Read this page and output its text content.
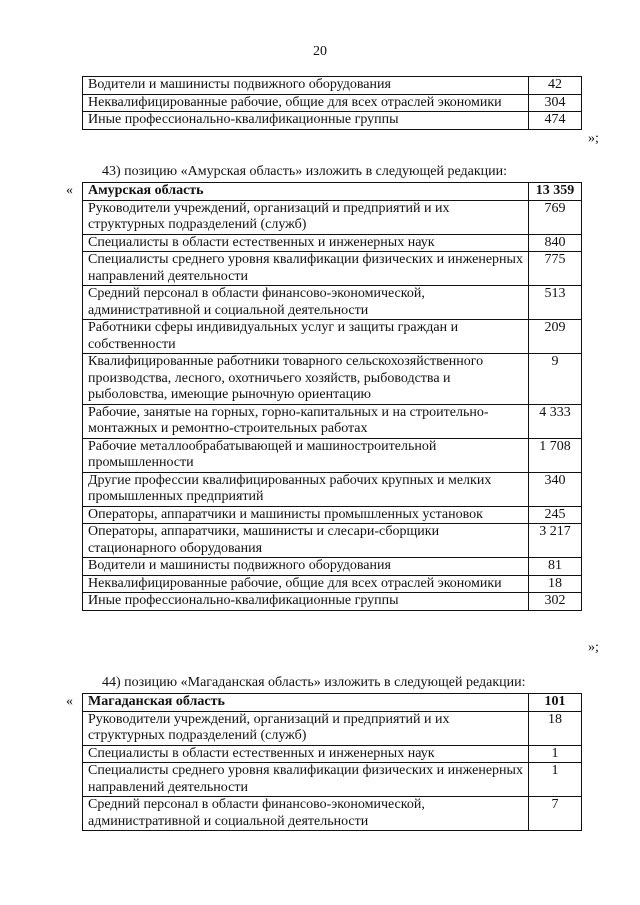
20
Водители и машинисты подвижного оборудования	42
Неквалифицированные рабочие, общие для всех отраслей экономики	304
Иные профессионально-квалификационные группы	474
»;
43) позицию «Амурская область» изложить в следующей редакции:
« Амурская область	13 359
Руководители учреждений, организаций и предприятий и их структурных подразделений (служб)	769
Специалисты в области естественных и инженерных наук	840
Специалисты среднего уровня квалификации физических и инженерных направлений деятельности	775
Средний персонал в области финансово-экономической, административной и социальной деятельности	513
Работники сферы индивидуальных услуг и защиты граждан и собственности	209
Квалифицированные работники товарного сельскохозяйственного производства, лесного, охотничьего хозяйств, рыбоводства и рыболовства, имеющие рыночную ориентацию	9
Рабочие, занятые на горных, горно-капитальных и на строительно-монтажных и ремонтно-строительных работах	4 333
Рабочие металлообрабатывающей и машиностроительной промышленности	1 708
Другие профессии квалифицированных рабочих крупных и мелких промышленных предприятий	340
Операторы, аппаратчики и машинисты промышленных установок	245
Операторы, аппаратчики, машинисты и слесари-сборщики стационарного оборудования	3 217
Водители и машинисты подвижного оборудования	81
Неквалифицированные рабочие, общие для всех отраслей экономики	18
Иные профессионально-квалификационные группы	302
»;
44) позицию «Магаданская область» изложить в следующей редакции:
« Магаданская область	101
Руководители учреждений, организаций и предприятий и их структурных подразделений (служб)	18
Специалисты в области естественных и инженерных наук	1
Специалисты среднего уровня квалификации физических и инженерных направлений деятельности	1
Средний персонал в области финансово-экономической, административной и социальной деятельности	7
